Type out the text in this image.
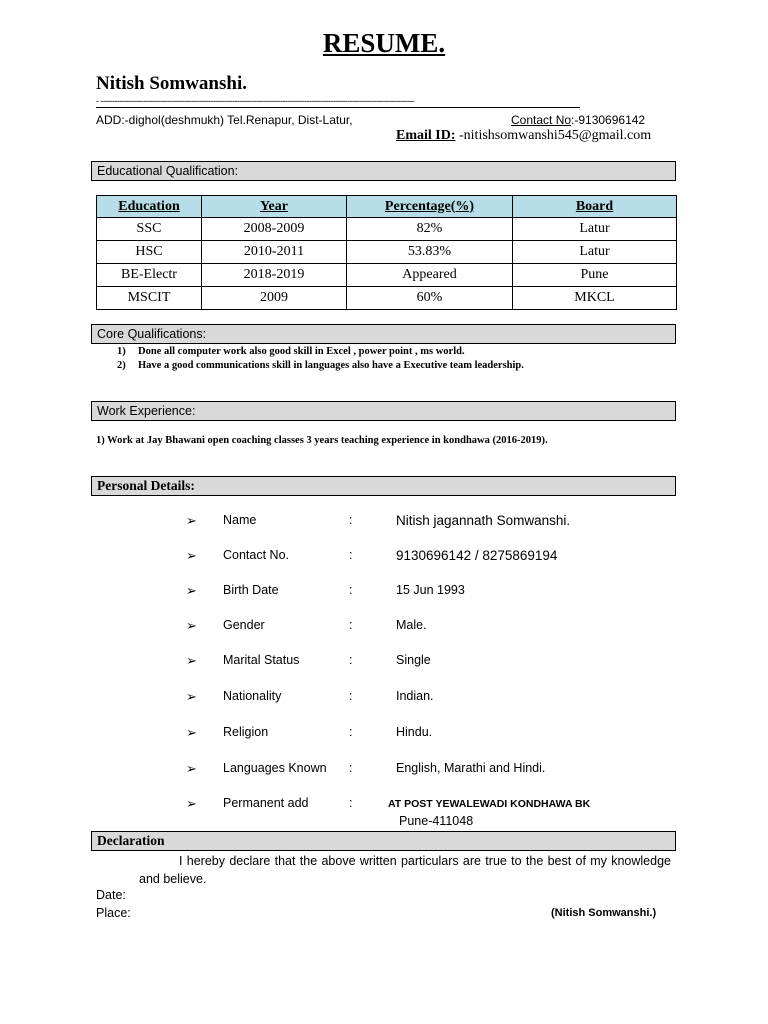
RESUME.
Nitish Somwanshi.
- -----------------------------------------------------------------------------------------------------------------------------------
ADD:-dighol(deshmukh) Tel.Renapur, Dist-Latur,	Contact No:-9130696142
Email ID: -nitishsomwanshi545@gmail.com
Educational Qualification:
Education	Year	Percentage(%)	Board
SSC	2008-2009	82%	Latur
HSC	2010-2011	53.83%	Latur
BE-Electr	2018-2019	Appeared	Pune
MSCIT	2009	60%	MKCL
Core Qualifications:
1) Done all computer work also good skill in Excel , power point , ms world.
2) Have a good communications skill in languages also have a Executive team leadership.
Work Experience:
1) Work at Jay Bhawani open coaching classes 3 years teaching experience in kondhawa (2016-2019).
Personal Details:
➢ Name	:	Nitish jagannath Somwanshi.
➢ Contact No.	:	9130696142 / 8275869194
➢ Birth Date	:	15 Jun 1993
➢ Gender	:	Male.
➢ Marital Status	:	Single
➢ Nationality	:	Indian.
➢ Religion	:	Hindu.
➢ Languages Known :	English, Marathi and Hindi.
➢ Permanent add	:	AT POST YEWALEWADI KONDHAWA BK
Pune-411048
Declaration
I hereby declare that the above written particulars are true to the best of my knowledge and believe.
Date:
Place:	(Nitish Somwanshi.)
